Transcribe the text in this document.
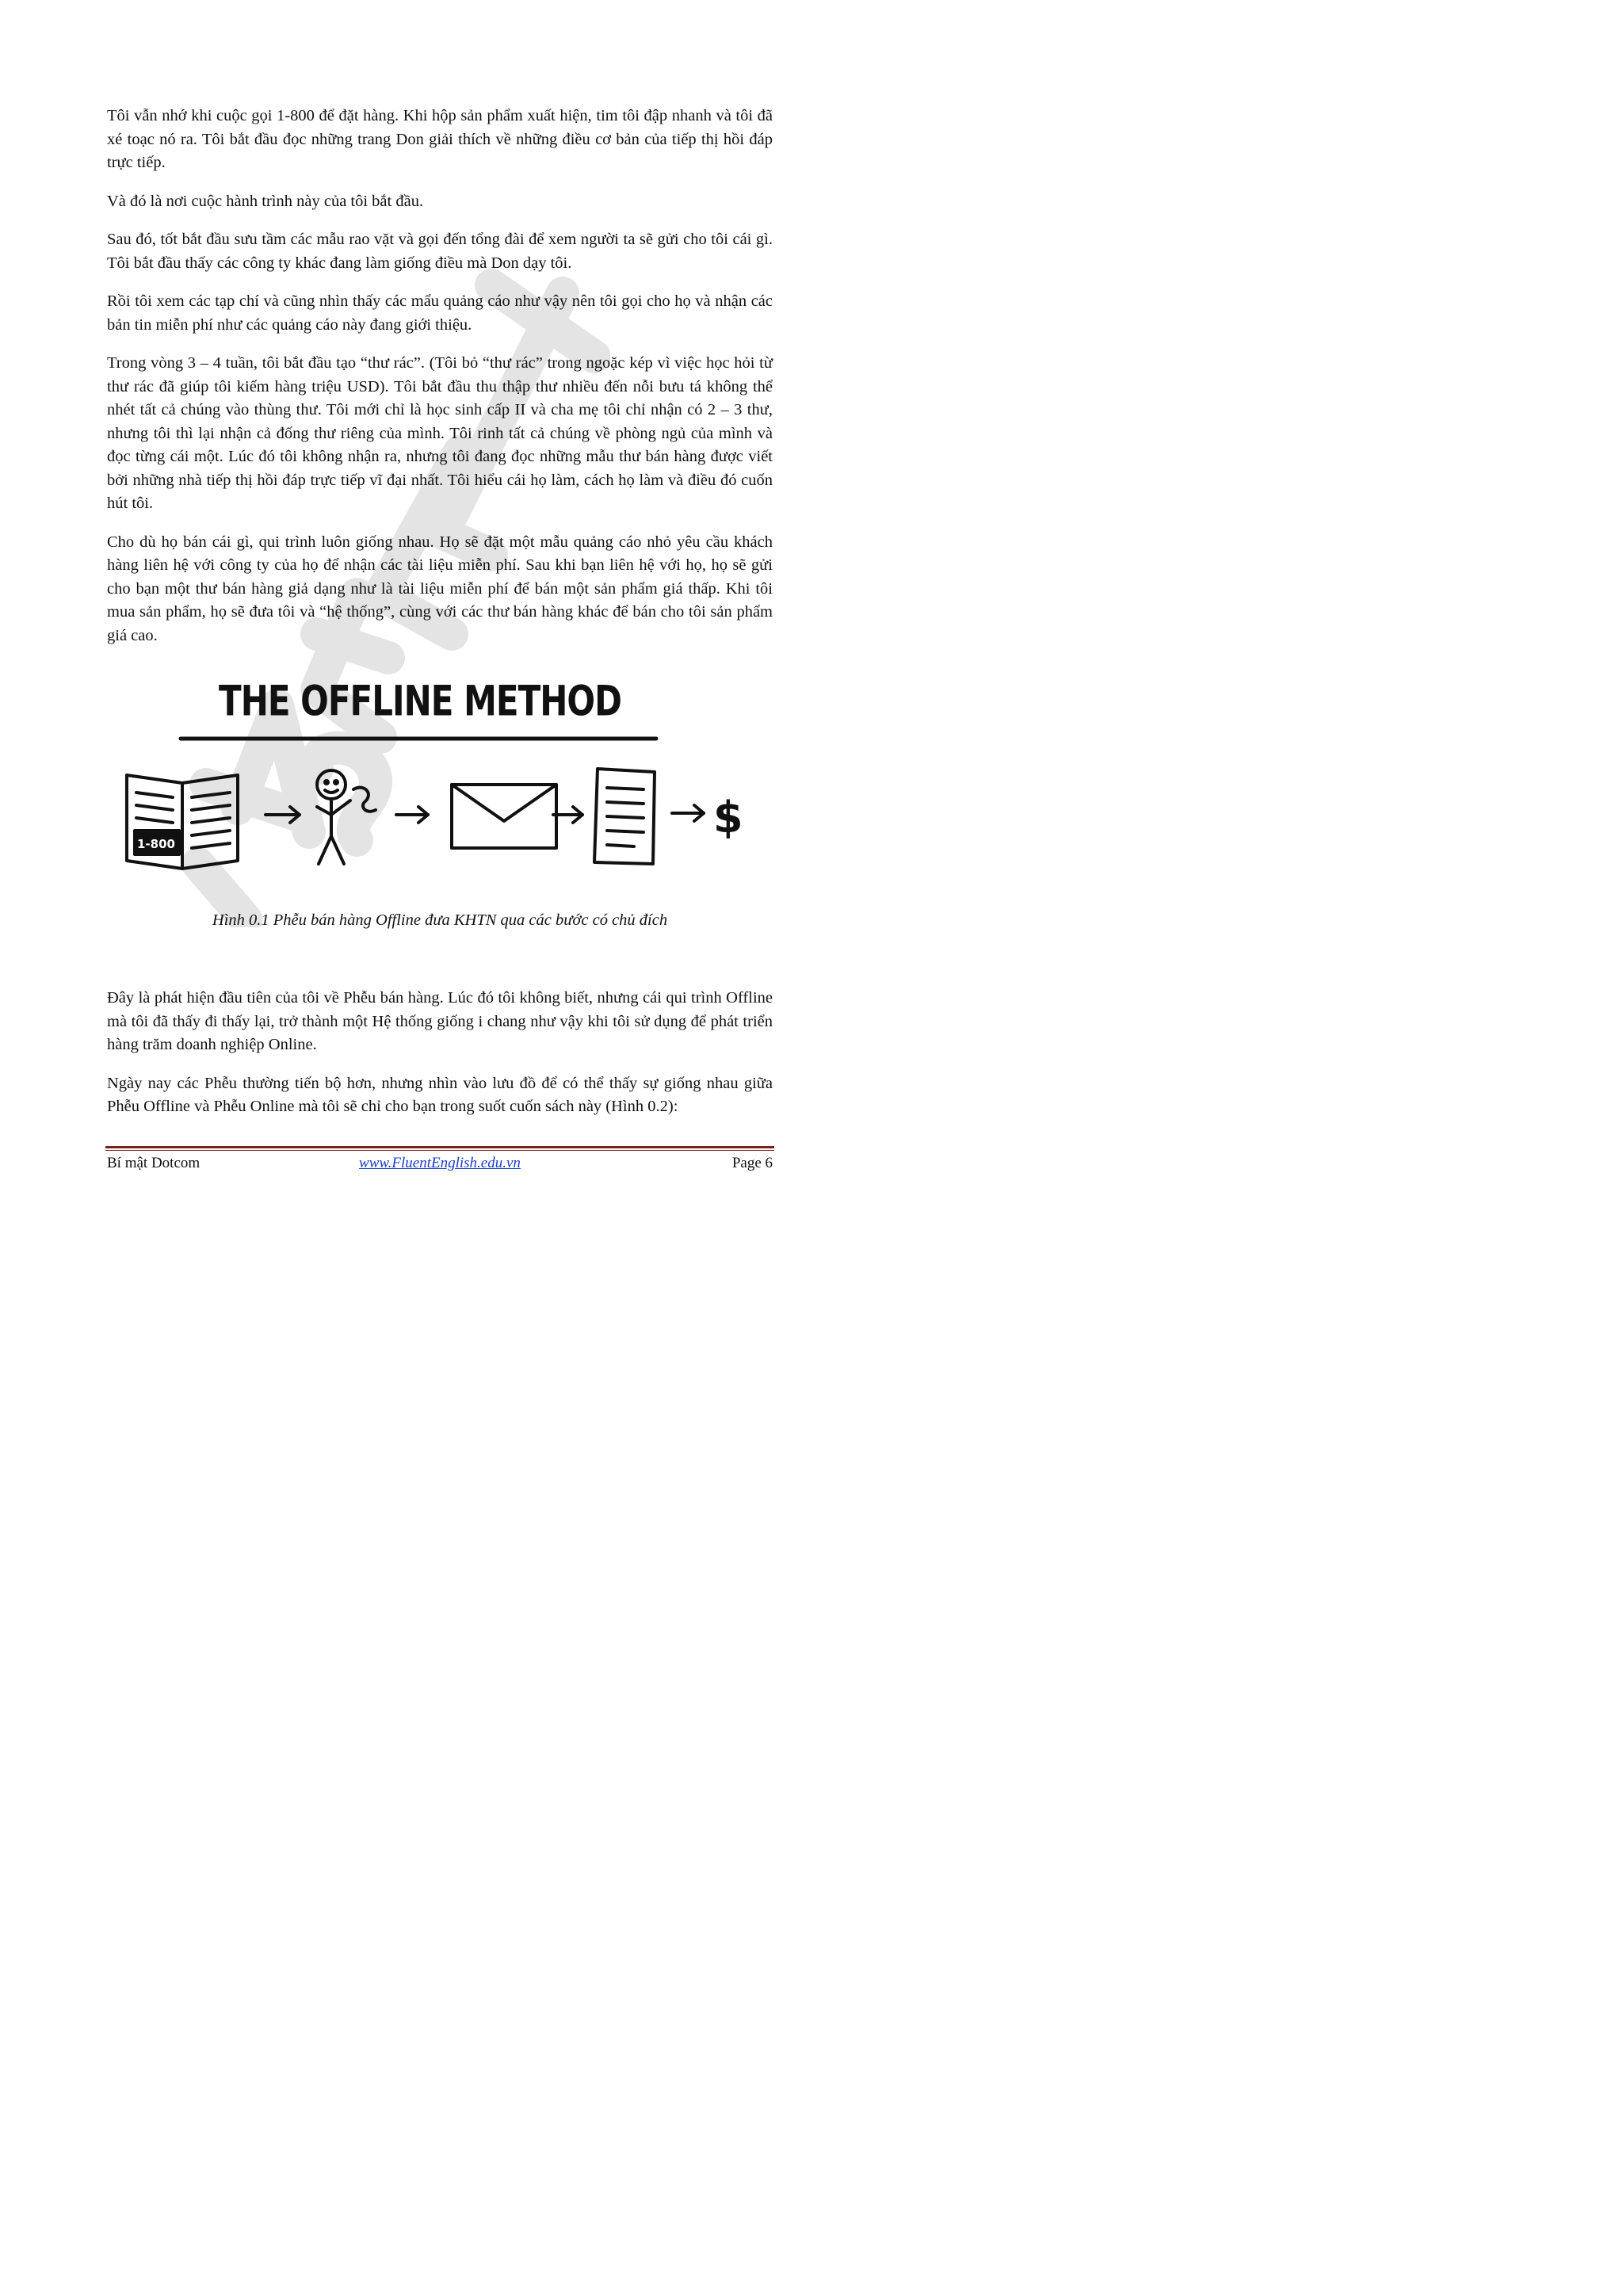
Tôi vẫn nhớ khi cuộc gọi 1-800 để đặt hàng. Khi hộp sản phẩm xuất hiện, tim tôi đập nhanh và tôi đã xé toạc nó ra. Tôi bắt đầu đọc những trang Don giải thích về những điều cơ bản của tiếp thị hồi đáp trực tiếp.

Và đó là nơi cuộc hành trình này của tôi bắt đầu.

Sau đó, tốt bắt đầu sưu tầm các mẫu rao vặt và gọi đến tổng đài để xem người ta sẽ gửi cho tôi cái gì. Tôi bắt đầu thấy các công ty khác đang làm giống điều mà Don dạy tôi.

Rồi tôi xem các tạp chí và cũng nhìn thấy các mẩu quảng cáo như vậy nên tôi gọi cho họ và nhận các bản tin miễn phí như các quảng cáo này đang giới thiệu.

Trong vòng 3 – 4 tuần, tôi bắt đầu tạo “thư rác”. (Tôi bỏ “thư rác” trong ngoặc kép vì việc học hỏi từ thư rác đã giúp tôi kiếm hàng triệu USD). Tôi bắt đầu thu thập thư nhiều đến nỗi bưu tá không thể nhét tất cả chúng vào thùng thư. Tôi mới chỉ là học sinh cấp II và cha mẹ tôi chỉ nhận có 2 – 3 thư, nhưng tôi thì lại nhận cả đống thư riêng của mình. Tôi rinh tất cả chúng về phòng ngủ của mình và đọc từng cái một. Lúc đó tôi không nhận ra, nhưng tôi đang đọc những mẫu thư bán hàng được viết bởi những nhà tiếp thị hồi đáp trực tiếp vĩ đại nhất. Tôi hiểu cái họ làm, cách họ làm và điều đó cuốn hút tôi.

Cho dù họ bán cái gì, qui trình luôn giống nhau. Họ sẽ đặt một mẫu quảng cáo nhỏ yêu cầu khách hàng liên hệ với công ty của họ để nhận các tài liệu miễn phí. Sau khi bạn liên hệ với họ, họ sẽ gửi cho bạn một thư bán hàng giả dạng như là tài liệu miễn phí để bán một sản phẩm giá thấp. Khi tôi mua sản phẩm, họ sẽ đưa tôi và “hệ thống”, cùng với các thư bán hàng khác để bán cho tôi sản phẩm giá cao.

THE OFFLINE METHOD
1-800
$
Hình 0.1 Phễu bán hàng Offline đưa KHTN qua các bước có chủ đích

Đây là phát hiện đầu tiên của tôi về Phễu bán hàng. Lúc đó tôi không biết, nhưng cái qui trình Offline mà tôi đã thấy đi thấy lại, trở thành một Hệ thống giống i chang như vậy khi tôi sử dụng để phát triển hàng trăm doanh nghiệp Online.

Ngày nay các Phễu thường tiến bộ hơn, nhưng nhìn vào lưu đồ để có thể thấy sự giống nhau giữa Phễu Offline và Phễu Online mà tôi sẽ chỉ cho bạn trong suốt cuốn sách này (Hình 0.2):

Bí mật Dotcom	www.FluentEnglish.edu.vn	Page 6
